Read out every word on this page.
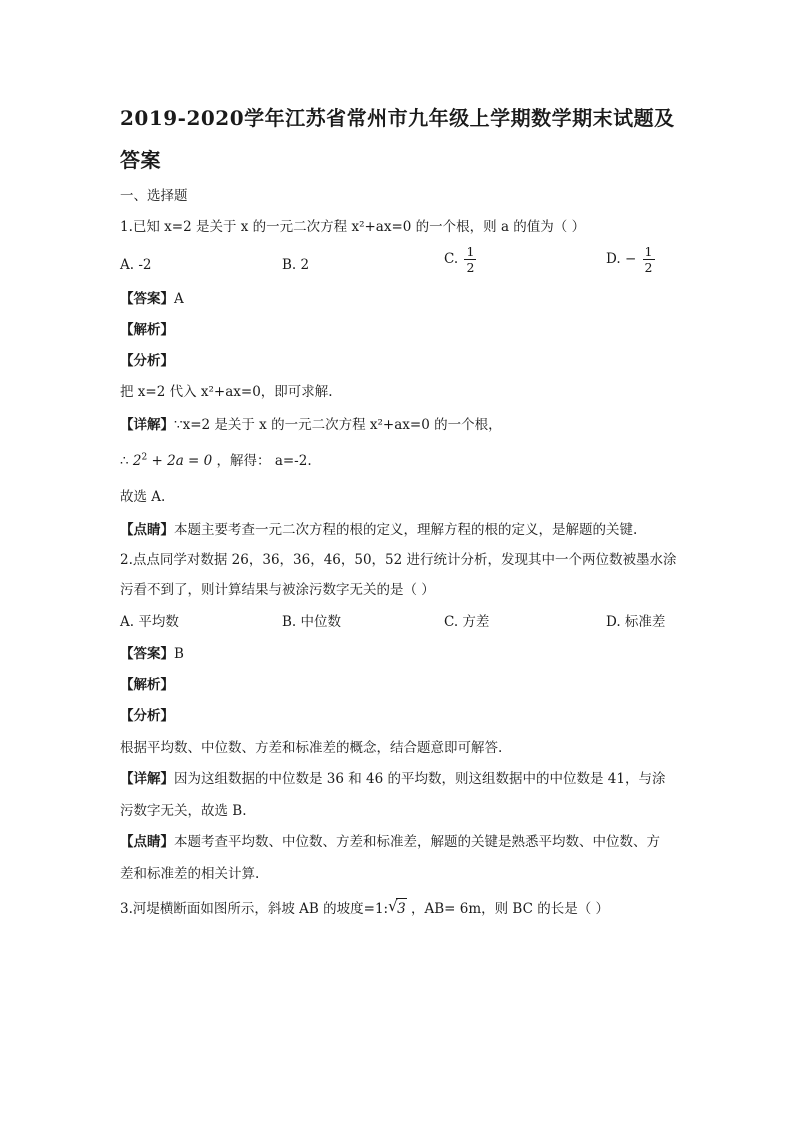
2019-2020学年江苏省常州市九年级上学期数学期末试题及
答案
一、选择题
1.已知 x=2 是关于 x 的一元二次方程 x²+ax=0 的一个根，则 a 的值为（ ）
A. -2	B. 2	C. $\frac{1}{2}$	D. − $\frac{1}{2}$
【答案】A
【解析】
【分析】
把 x=2 代入 x²+ax=0，即可求解.
【详解】∵x=2 是关于 x 的一元二次方程 x²+ax=0 的一个根，
∴ $2^2 + 2a = 0$ ，解得： a=-2.
故选 A.
【点睛】本题主要考查一元二次方程的根的定义，理解方程的根的定义，是解题的关键.
2.点点同学对数据 26，36，36，46，50，52 进行统计分析，发现其中一个两位数被墨水涂
污看不到了，则计算结果与被涂污数字无关的是（ ）
A. 平均数	B. 中位数	C. 方差	D. 标准差
【答案】B
【解析】
【分析】
根据平均数、中位数、方差和标准差的概念，结合题意即可解答.
【详解】因为这组数据的中位数是 36 和 46 的平均数，则这组数据中的中位数是 41，与涂
污数字无关，故选 B.
【点睛】本题考查平均数、中位数、方差和标准差，解题的关键是熟悉平均数、中位数、方
差和标准差的相关计算.
3.河堤横断面如图所示，斜坡 AB 的坡度=1: √ 3 ，AB= 6m，则 BC 的长是（ ）
